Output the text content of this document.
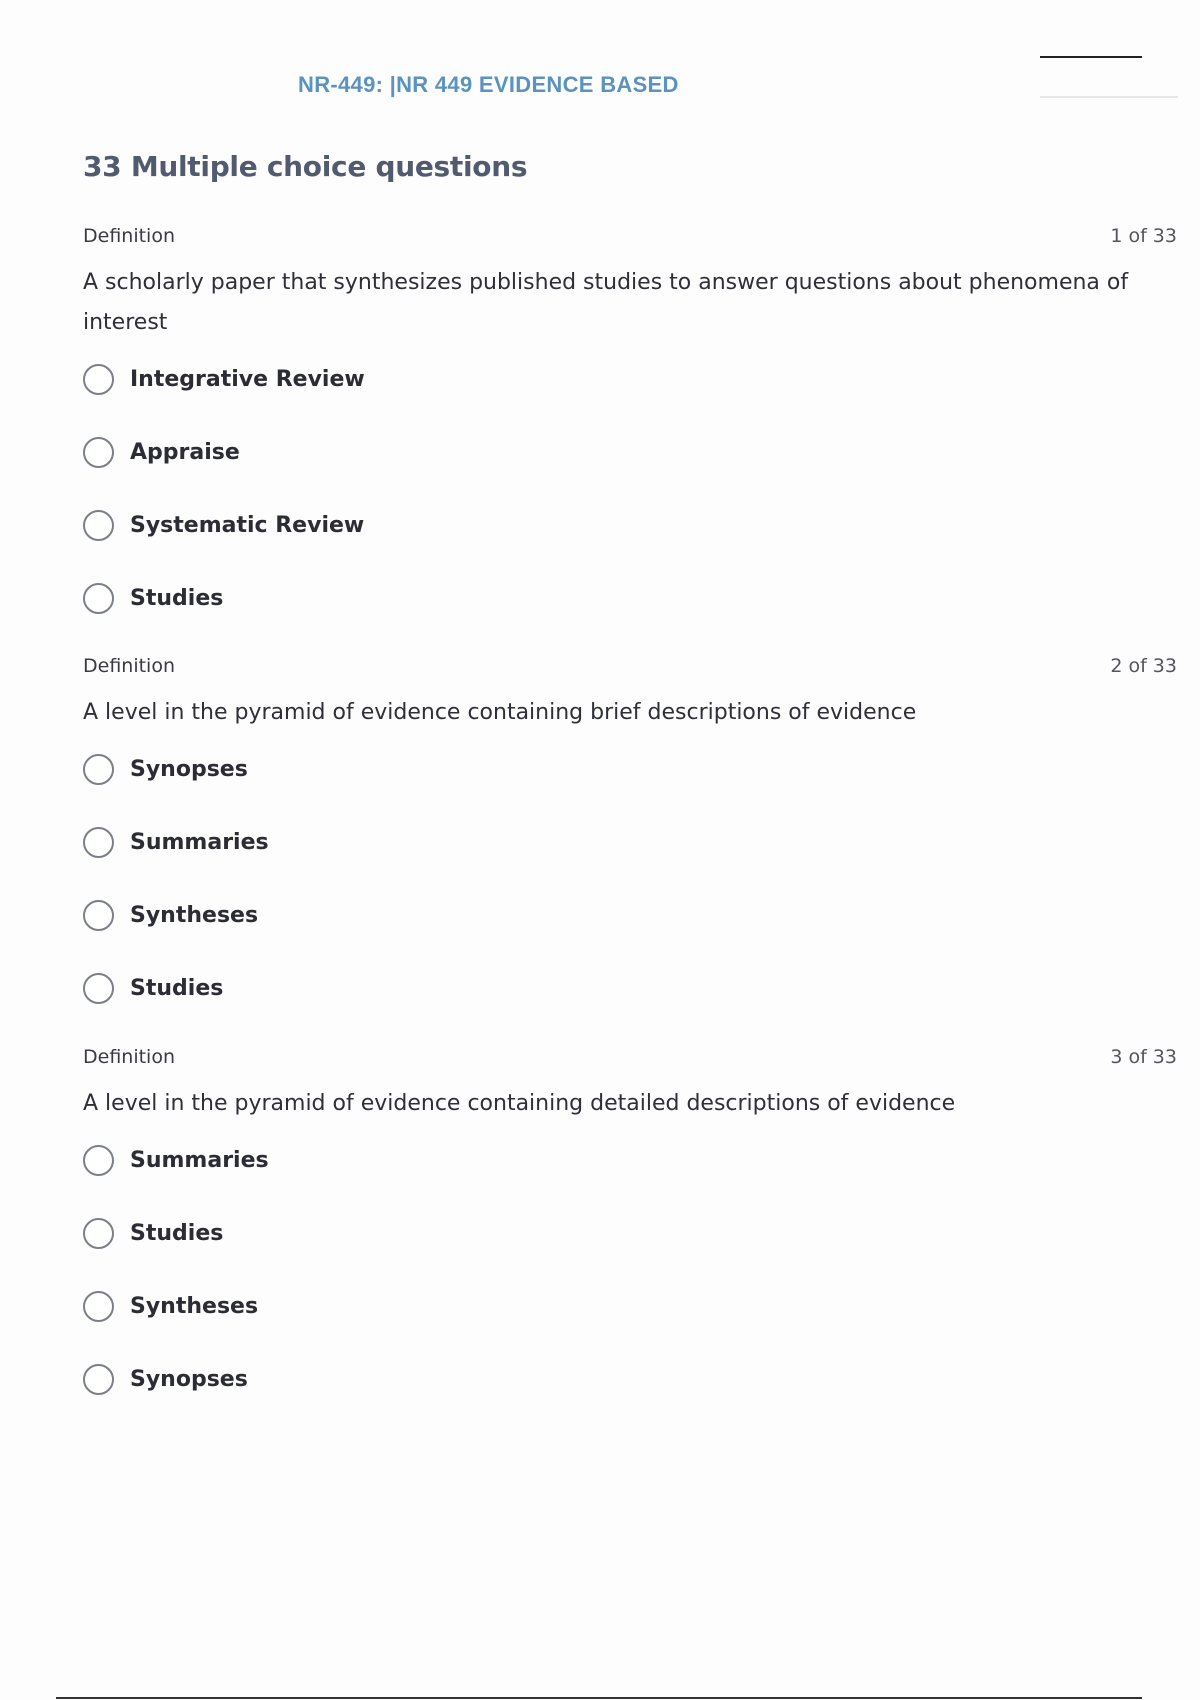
NR-449: |NR 449 EVIDENCE BASED
33 Multiple choice questions
Definition	1 of 33
A scholarly paper that synthesizes published studies to answer questions about phenomena of interest
Integrative Review
Appraise
Systematic Review
Studies
Definition	2 of 33
A level in the pyramid of evidence containing brief descriptions of evidence
Synopses
Summaries
Syntheses
Studies
Definition	3 of 33
A level in the pyramid of evidence containing detailed descriptions of evidence
Summaries
Studies
Syntheses
Synopses
